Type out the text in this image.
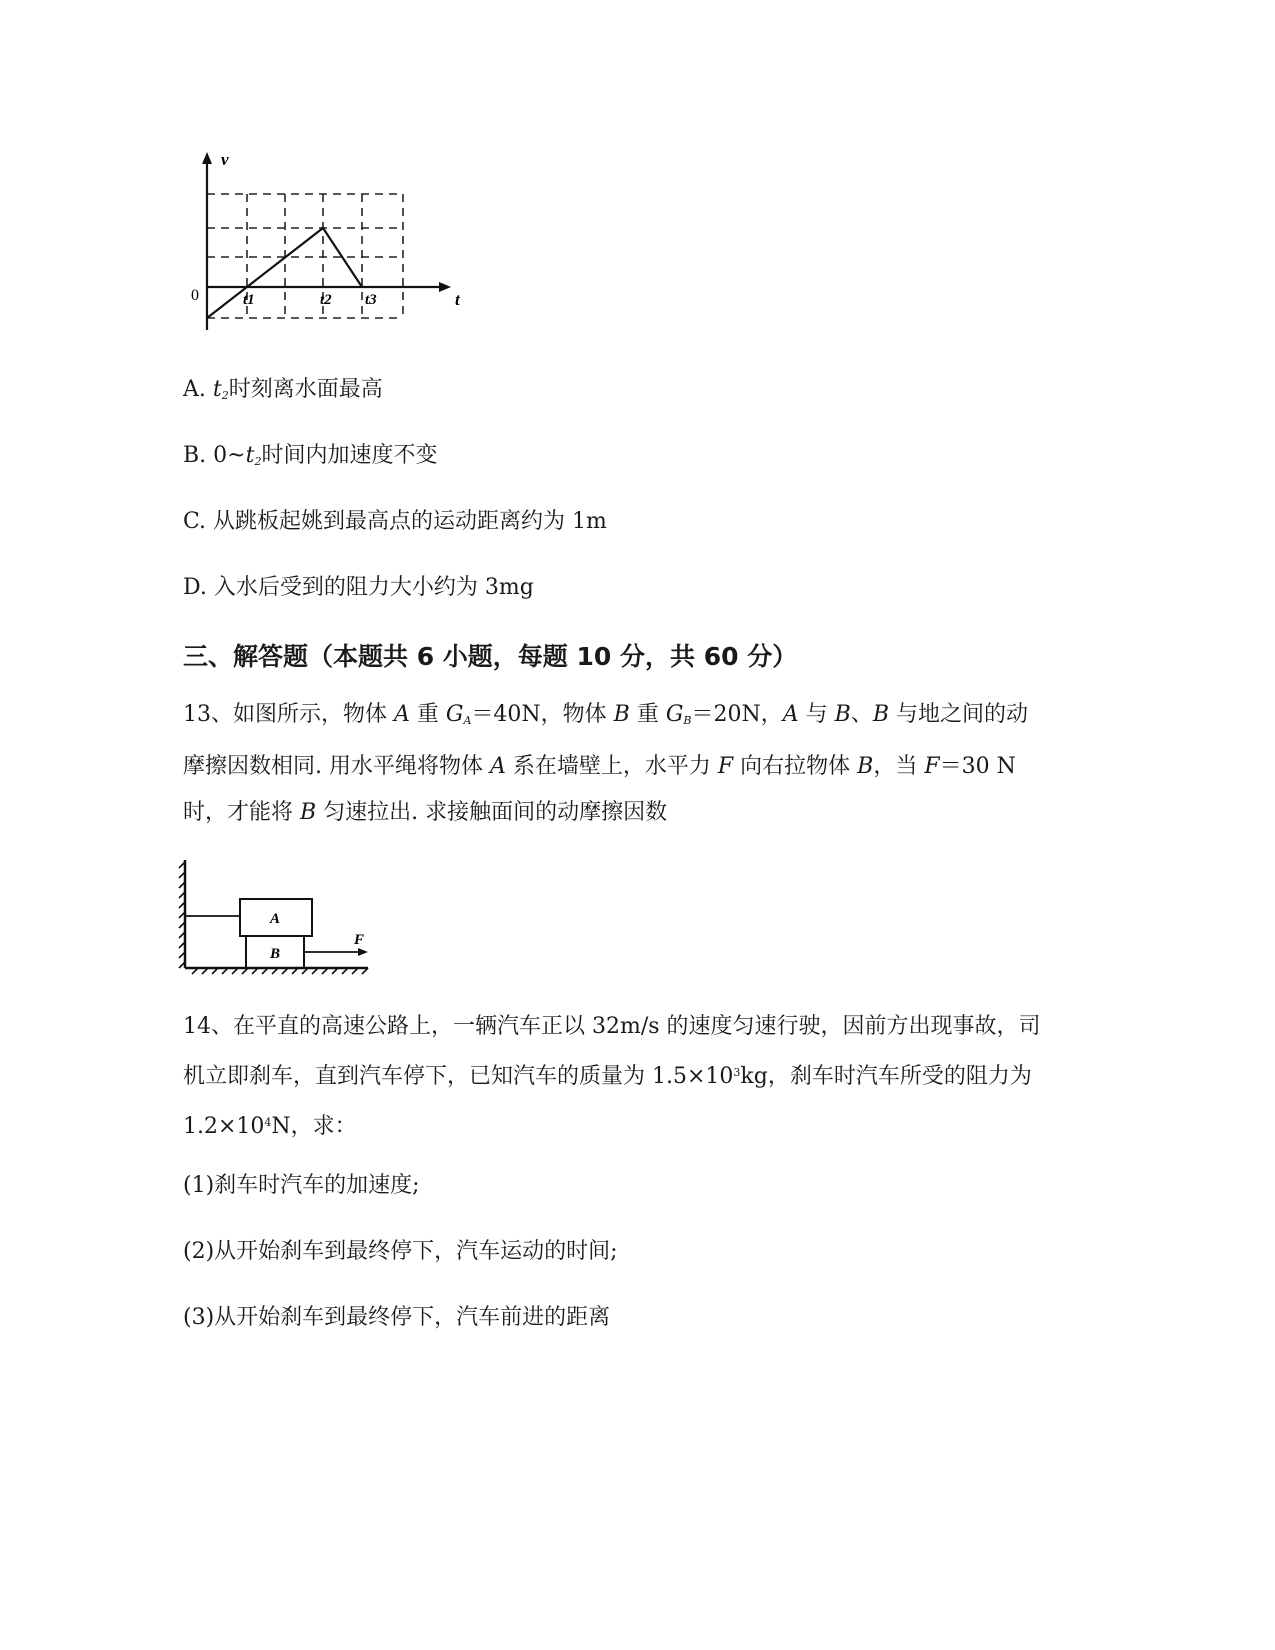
v
t
0	t1	t2 t3
A. $t_2$时刻离水面最高
B. $0\sim t_2$时间内加速度不变
C. 从跳板起姚到最高点的运动距离约为 1m
D. 入水后受到的阻力大小约为 3mg
三、解答题（本题共 6 小题，每题 10 分，共 60 分）
13、如图所示，物体 A 重 $G_A=40N$，物体 B 重 $G_B=20N$，A 与 B、B 与地之间的动摩擦因数相同. 用水平绳将物体 A 系在墙壁上，水平力 F 向右拉物体 B，当 F＝30 N 时，才能将 B 匀速拉出. 求接触面间的动摩擦因数
A
B
F
14、在平直的高速公路上，一辆汽车正以 32m/s 的速度匀速行驶，因前方出现事故，司机立即刹车，直到汽车停下，已知汽车的质量为 $1.5\times 10^3kg$，刹车时汽车所受的阻力为 $1.2\times 10^4N$，求：
(1)刹车时汽车的加速度;
(2)从开始刹车到最终停下，汽车运动的时间;
(3)从开始刹车到最终停下，汽车前进的距离
